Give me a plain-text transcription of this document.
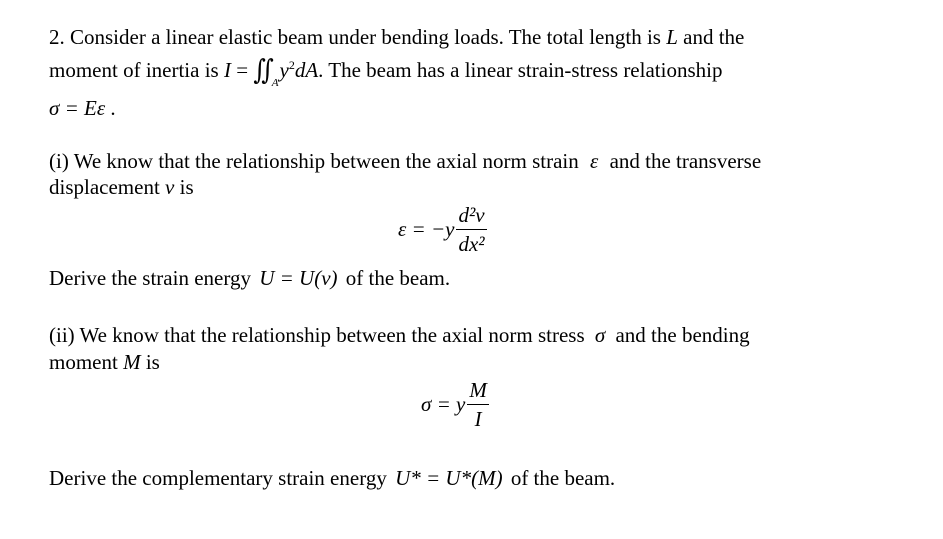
2. Consider a linear elastic beam under bending loads. The total length is L and the
moment of inertia is I = ∬ $_Ay^2dA$. The beam has a linear strain-stress relationship
σ = Eε .
(i) We know that the relationship between the axial norm strain ε and the transverse
displacement v is
$\varepsilon = -y \frac{\text{d²v}}{\text{dx²}}$
Derive the strain energy U = U(v) of the beam.
(ii) We know that the relationship between the axial norm stress σ and the bending
moment M is
σ = y $\frac{M}{I}$
Derive the complementary strain energy U* = U*(M) of the beam.
